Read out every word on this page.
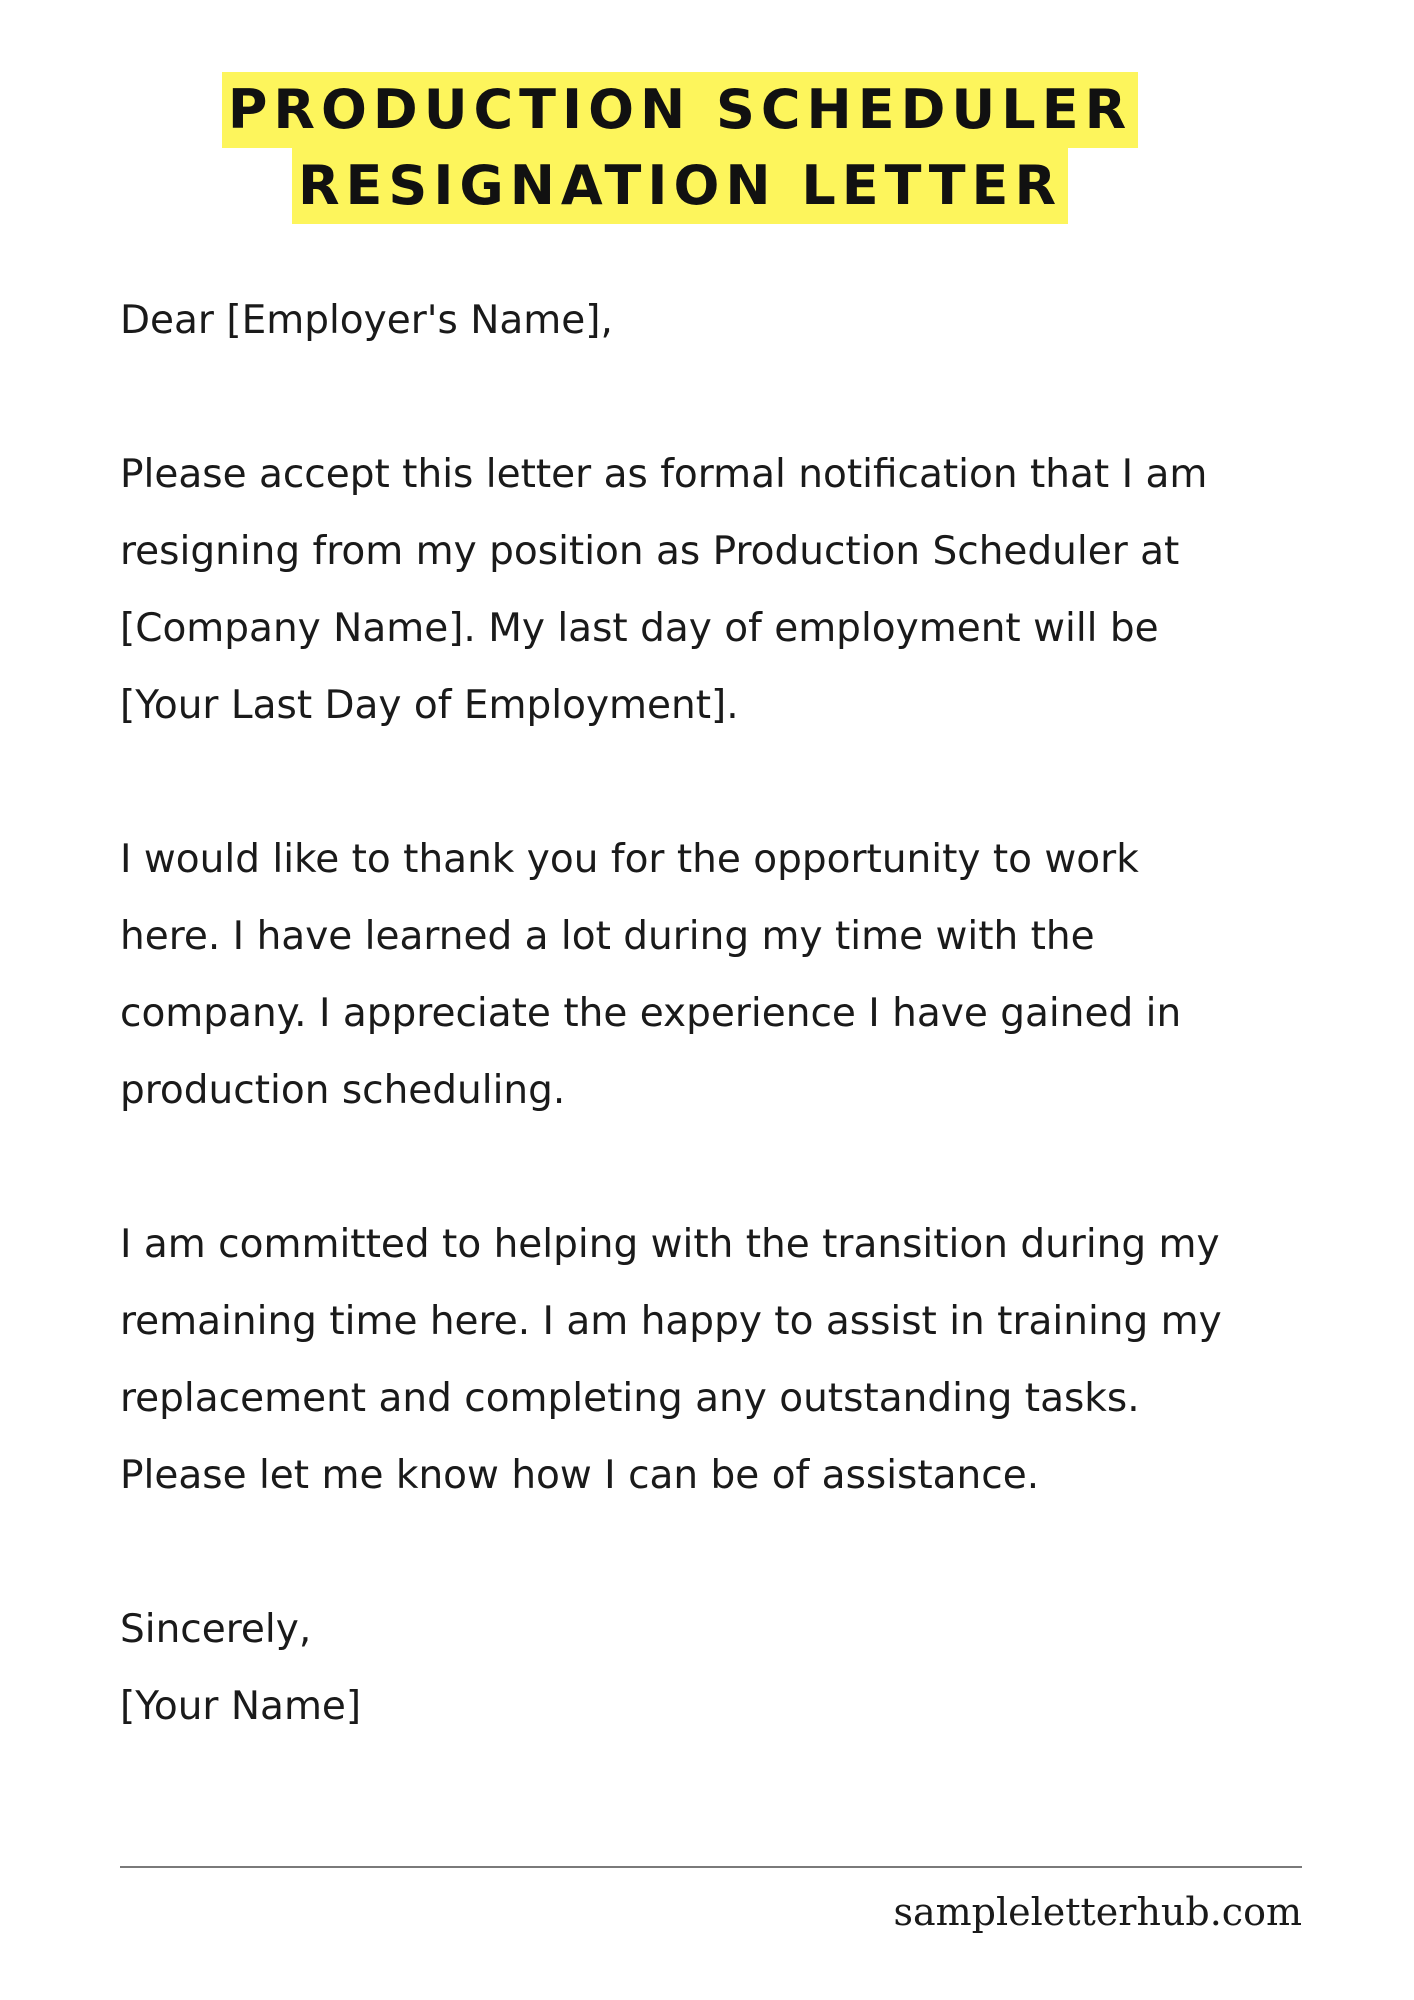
PRODUCTION SCHEDULER
RESIGNATION LETTER

Dear [Employer's Name],

Please accept this letter as formal notification that I am

resigning from my position as Production Scheduler at

[Company Name]. My last day of employment will be

[Your Last Day of Employment].

I would like to thank you for the opportunity to work

here. I have learned a lot during my time with the

company. I appreciate the experience I have gained in

production scheduling.

I am committed to helping with the transition during my

remaining time here. I am happy to assist in training my

replacement and completing any outstanding tasks.

Please let me know how I can be of assistance.

Sincerely,

[Your Name]

sampleletterhub.com
